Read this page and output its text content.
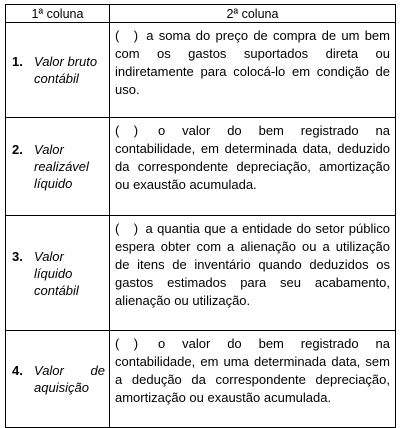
1ª coluna	2ª coluna

1. Valor bruto
contábil	( ) a soma do preço de compra de um bem com os gastos suportados direta ou indiretamente para colocá-lo em condição de uso.

2. Valor
realizável
líquido	( ) o valor do bem registrado na contabilidade, em determinada data, deduzido da correspondente depreciação, amortização ou exaustão acumulada.

3. Valor
líquido
contábil	( ) a quantia que a entidade do setor público espera obter com a alienação ou a utilização de itens de inventário quando deduzidos os gastos estimados para seu acabamento, alienação ou utilização.

4. Valor de
aquisição	( ) o valor do bem registrado na contabilidade, em uma determinada data, sem a dedução da correspondente depreciação, amortização ou exaustão acumulada.
